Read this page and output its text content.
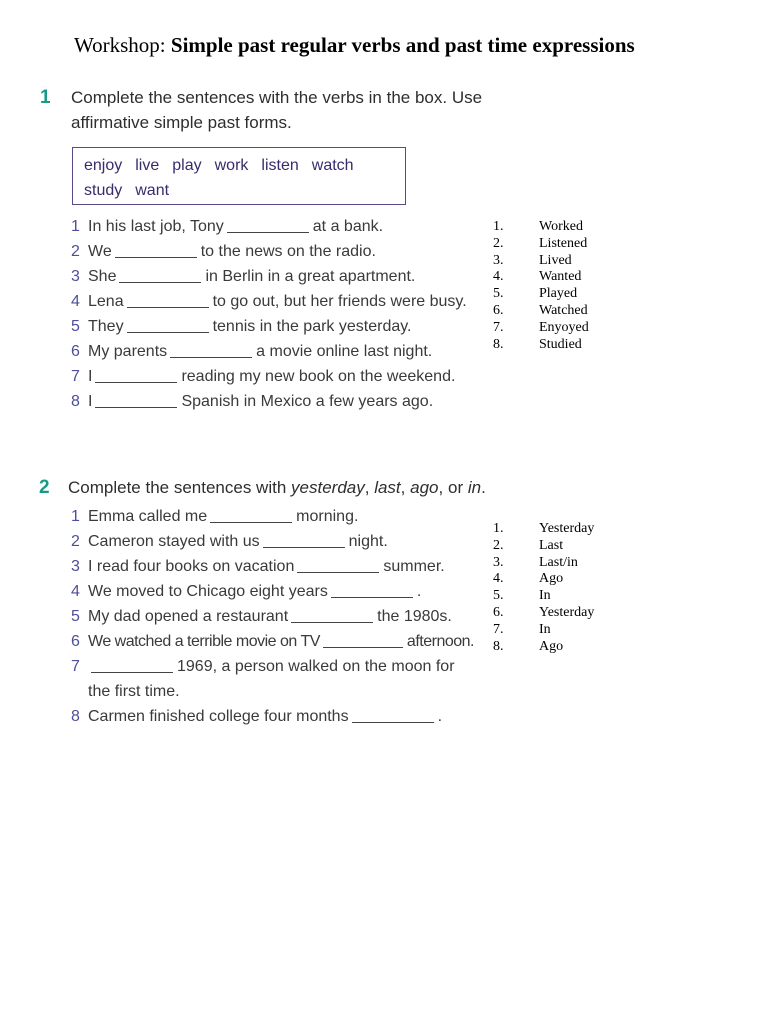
Workshop: Simple past regular verbs and past time expressions
1 Complete the sentences with the verbs in the box. Use
affirmative simple past forms.
enjoy live play work listen watch
study want
1 In his last job, Tony	at a bank.
2 We	to the news on the radio.
3 She	in Berlin in a great apartment.
4 Lena	to go out, but her friends were busy.
5 They	tennis in the park yesterday.
6 My parents	a movie online last night.
7 I	reading my new book on the weekend.
8 I	Spanish in Mexico a few years ago.
1.	Worked
2.	Listened
3.	Lived
4.	Wanted
5.	Played
6.	Watched
7.	Enyoyed
8.	Studied
2 Complete the sentences with yesterday, last, ago, or in.
1 Emma called me	morning.
2 Cameron stayed with us	night.
3 I read four books on vacation	summer.
4 We moved to Chicago eight years	.
5 My dad opened a restaurant	the 1980s.
6 We watched a terrible movie on TV	afternoon.
7	1969, a person walked on the moon for
the first time.
8 Carmen finished college four months	.
1.	Yesterday
2.	Last
3.	Last/in
4.	Ago
5.	In
6.	Yesterday
7.	In
8.	Ago
